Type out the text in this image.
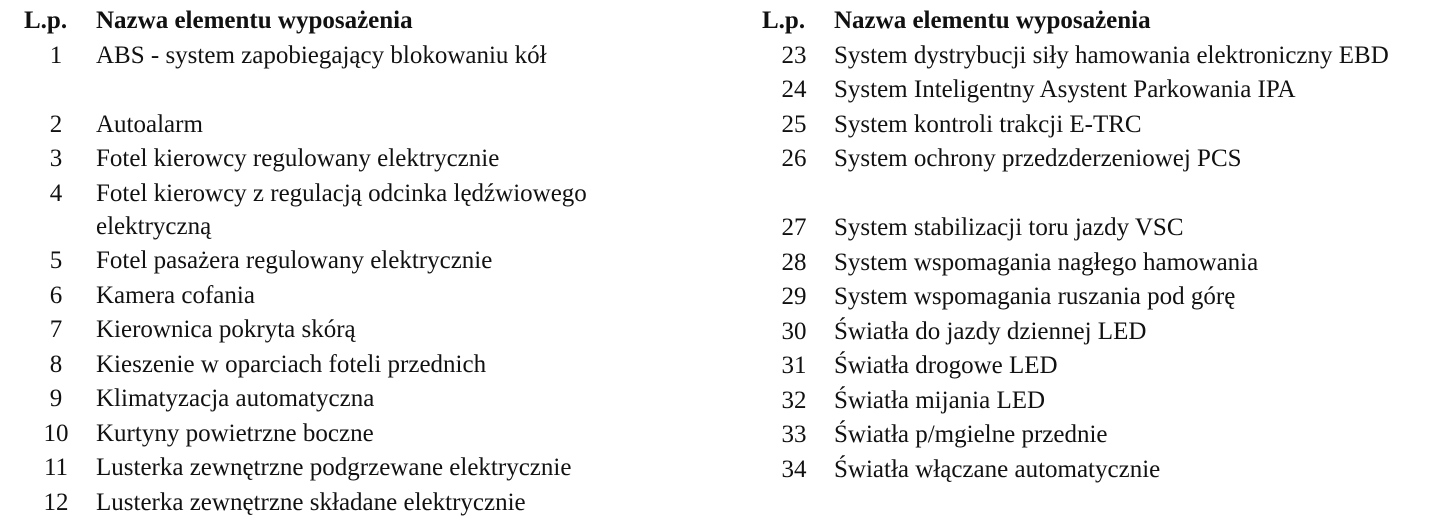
L.p.	Nazwa elementu wyposażenia
1	ABS - system zapobiegający blokowaniu kół
2	Autoalarm
3	Fotel kierowcy regulowany elektrycznie
4	Fotel kierowcy z regulacją odcinka lędźwiowego elektryczną
5	Fotel pasażera regulowany elektrycznie
6	Kamera cofania
7	Kierownica pokryta skórą
8	Kieszenie w oparciach foteli przednich
9	Klimatyzacja automatyczna
10	Kurtyny powietrzne boczne
11	Lusterka zewnętrzne podgrzewane elektrycznie
12	Lusterka zewnętrzne składane elektrycznie
L.p.	Nazwa elementu wyposażenia
23	System dystrybucji siły hamowania elektroniczny EBD
24	System Inteligentny Asystent Parkowania IPA
25	System kontroli trakcji E-TRC
26	System ochrony przedzderzeniowej PCS
27	System stabilizacji toru jazdy VSC
28	System wspomagania nagłego hamowania
29	System wspomagania ruszania pod górę
30	Światła do jazdy dziennej LED
31	Światła drogowe LED
32	Światła mijania LED
33	Światła p/mgielne przednie
34	Światła włączane automatycznie
